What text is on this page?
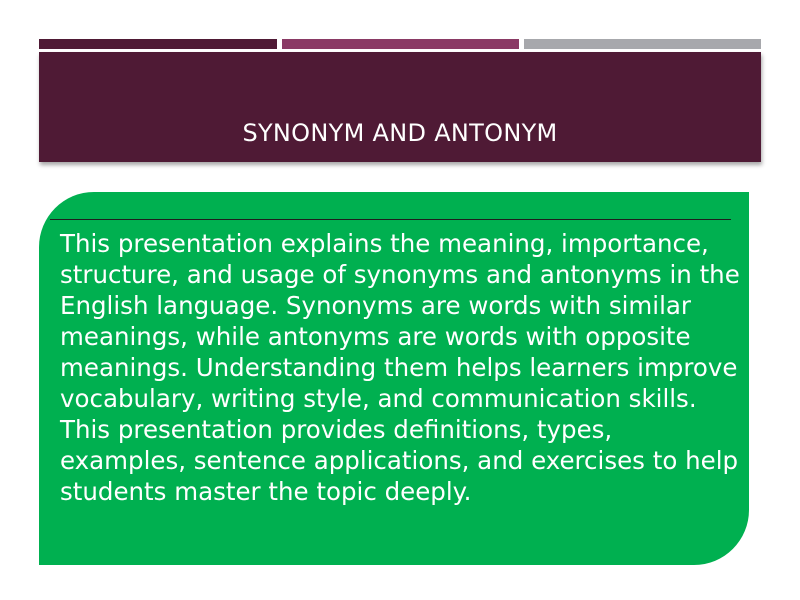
SYNONYM AND ANTONYM

This presentation explains the meaning, importance, structure, and usage of synonyms and antonyms in the English language. Synonyms are words with similar meanings, while antonyms are words with opposite meanings. Understanding them helps learners improve vocabulary, writing style, and communication skills. This presentation provides definitions, types, examples, sentence applications, and exercises to help students master the topic deeply.
